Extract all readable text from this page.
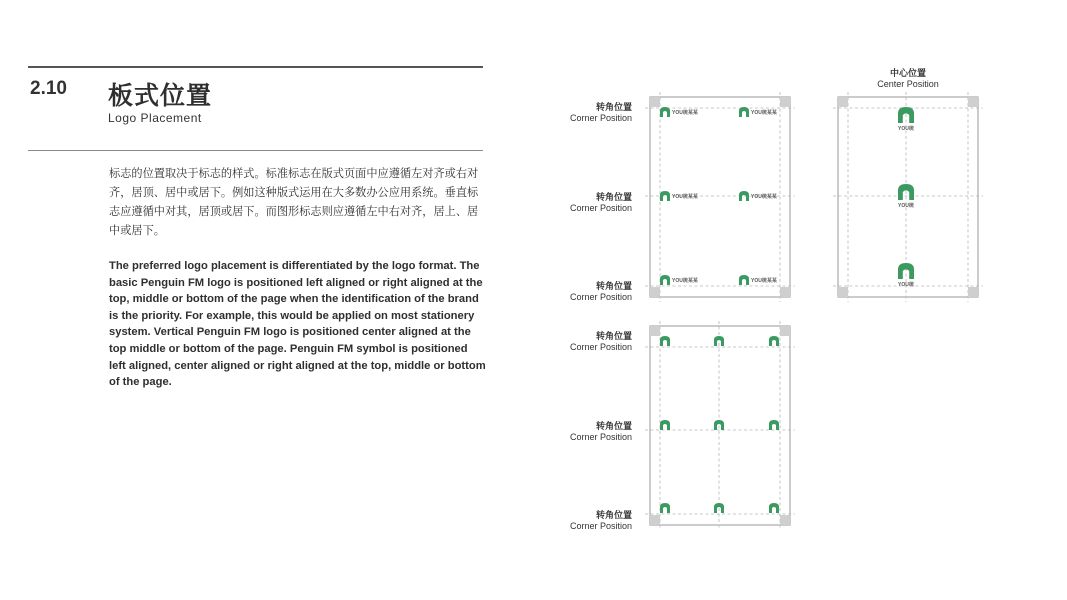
2.10 板式位置
Logo Placement

标志的位置取决于标志的样式。标准标志在版式页面中应遵循左对齐或右对齐，居顶、居中或居下。例如这种版式运用在大多数办公应用系统。垂直标志应遵循中对其，居顶或居下。而图形标志则应遵循左中右对齐，居上、居中或居下。

The preferred logo placement is differentiated by the logo format. The basic Penguin FM logo is positioned left aligned or right aligned at the top, middle or bottom of the page when the identification of the brand is the priority. For example, this would be applied on most stationery system. Vertical Penguin FM logo is positioned center aligned at the top middle or bottom of the page. Penguin FM symbol is positioned left aligned, center aligned or right aligned at the top, middle or bottom of the page.

转角位置
Corner Position
转角位置
Corner Position
转角位置
Corner Position
中心位置
Center Position
转角位置
Corner Position
转角位置
Corner Position
转角位置
Corner Position
YOU统某某	YOU统某某
YOU统某某	YOU统某某
YOU统某某	YOU统某某
YOU统
YOU统
YOU统
